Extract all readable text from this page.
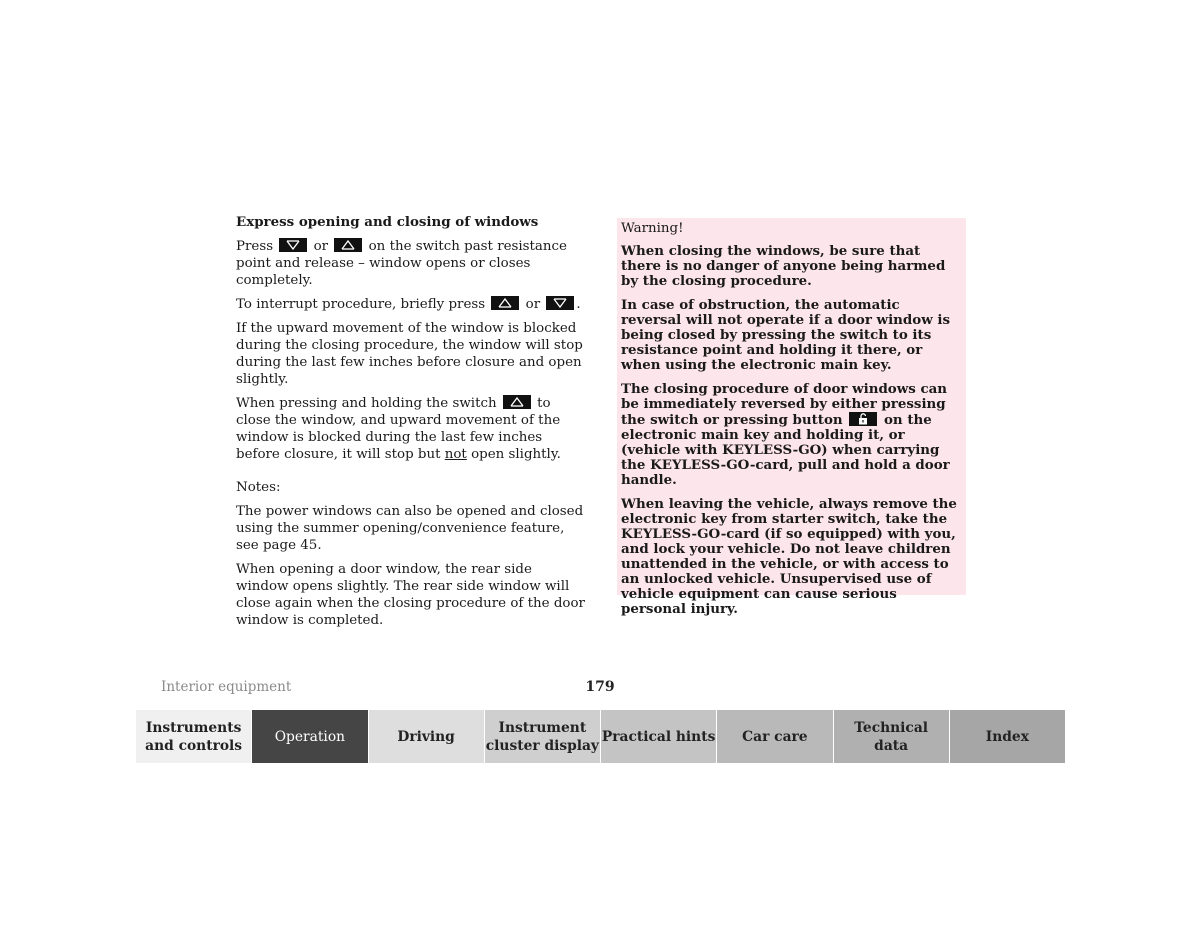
Express opening and closing of windows

Press	or	on the switch past resistance point and release – window opens or closes completely.

To interrupt procedure, briefly press	or	.

If the upward movement of the window is blocked during the closing procedure, the window will stop during the last few inches before closure and open slightly.

When pressing and holding the switch	to close the window, and upward movement of the window is blocked during the last few inches before closure, it will stop but not open slightly.

Notes:

The power windows can also be opened and closed using the summer opening/convenience feature, see page 45.

When opening a door window, the rear side window opens slightly. The rear side window will close again when the closing procedure of the door window is completed.

Warning!

When closing the windows, be sure that there is no danger of anyone being harmed by the closing procedure.

In case of obstruction, the automatic reversal will not operate if a door window is being closed by pressing the switch to its resistance point and holding it there, or when using the electronic main key.

The closing procedure of door windows can be immediately reversed by either pressing the switch or pressing button	on the electronic main key and holding it, or (vehicle with KEYLESS-GO) when carrying the KEYLESS-GO-card, pull and hold a door handle.

When leaving the vehicle, always remove the electronic key from starter switch, take the KEYLESS-GO-card (if so equipped) with you, and lock your vehicle. Do not leave children unattended in the vehicle, or with access to an unlocked vehicle. Unsupervised use of vehicle equipment can cause serious personal injury.

Interior equipment	179
Instruments
and controls
Operation	Driving
Instrument
cluster display
Practical hints Car care
Technical
data
Index
